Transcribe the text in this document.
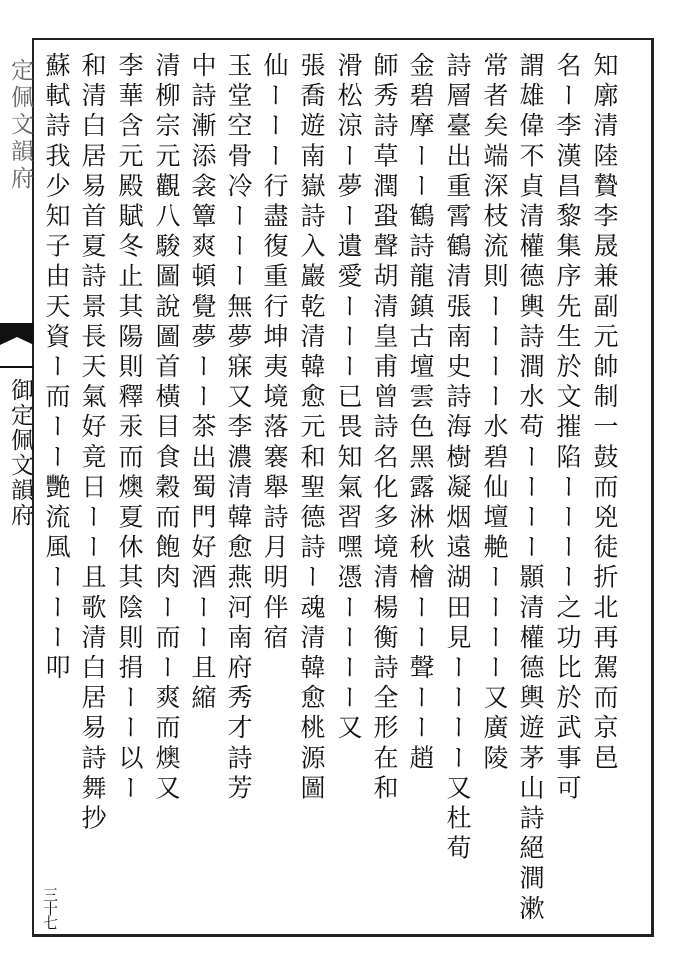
定佩文韻府
御定佩文韻府
三十七
知廓清陸贄李晟兼副元帥制一鼓而兇徒折北再駕而京邑
名ー李漢昌黎集序先生於文摧陷ーーーー之功比於武事可
謂雄偉不貞清權德輿詩澗水苟ーーーー顥清權德輿遊茅山詩絕澗漱
常者矣端深枝流則ーーーー水碧仙壇艴ーーーー又廣陵
詩層臺出重霄鶴清張南史詩海樹凝烟遠湖田見ーーーー又杜荀
金碧摩ーー鶴詩龍鎮古壇雲色黑露淋秋檜ーー聲ーー趙
師秀詩草潤蛩聲胡清皇甫曾詩名化多境清楊衡詩全形在和
滑松涼ー夢ー遺愛ーーー已畏知氣習嘿憑ーーーー又
張喬遊南嶽詩入巖乾清韓愈元和聖德詩ー魂清韓愈桃源圖
仙ーーー行盡復重行坤夷境落褰舉詩月明伴宿
玉堂空骨冷ーーー無夢寐又李濃清韓愈燕河南府秀才詩芳
中詩漸添衾簟爽頓覺夢ーー茶出蜀門好酒ーー且縮
清柳宗元觀八駿圖說圖首橫目食穀而飽肉ー而ー爽而燠又
李華含元殿賦冬止其陽則釋汞而燠夏休其陰則捐ーー以ー
和清白居易首夏詩景長天氣好竟日ーー且歌清白居易詩舞抄
蘇軾詩我少知子由天資ー而ーー艷流風ーーー叩
